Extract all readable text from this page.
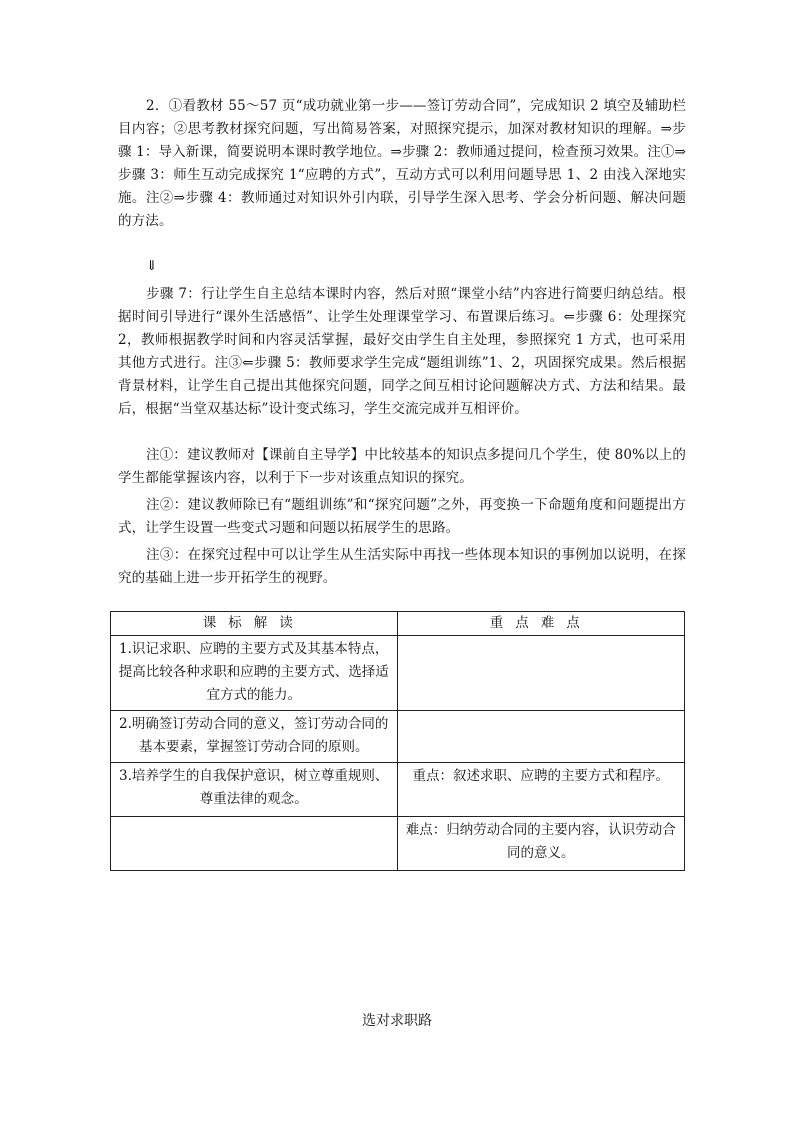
2．①看教材 55～57 页“成功就业第一步——签订劳动合同”，完成知识 2 填空及辅助栏目内容；②思考教材探究问题，写出简易答案，对照探究提示，加深对教材知识的理解。⇒步骤 1：导入新课，简要说明本课时教学地位。⇒步骤 2：教师通过提问，检查预习效果。注①⇒步骤 3：师生互动完成探究 1“应聘的方式”，互动方式可以利用问题导思 1、2 由浅入深地实施。注②⇒步骤 4：教师通过对知识外引内联，引导学生深入思考、学会分析问题、解决问题的方法。

⇓

步骤 7：行让学生自主总结本课时内容，然后对照“课堂小结”内容进行简要归纳总结。根据时间引导进行“课外生活感悟”、让学生处理课堂学习、布置课后练习。⇐步骤 6：处理探究 2，教师根据教学时间和内容灵活掌握，最好交由学生自主处理，参照探究 1 方式，也可采用其他方式进行。注③⇐步骤 5：教师要求学生完成“题组训练”1、2，巩固探究成果。然后根据背景材料，让学生自己提出其他探究问题，同学之间互相讨论问题解决方式、方法和结果。最后，根据“当堂双基达标”设计变式练习，学生交流完成并互相评价。

注①：建议教师对【课前自主导学】中比较基本的知识点多提问几个学生，使 80%以上的学生都能掌握该内容，以利于下一步对该重点知识的探究。

注②：建议教师除已有“题组训练”和“探究问题”之外，再变换一下命题角度和问题提出方式，让学生设置一些变式习题和问题以拓展学生的思路。

注③：在探究过程中可以让学生从生活实际中再找一些体现本知识的事例加以说明，在探究的基础上进一步开拓学生的视野。

课标解读	重点难点
1.识记求职、应聘的主要方式及其基本特点，提高比较各种求职和应聘的主要方式、选择适宜方式的能力。	
2.明确签订劳动合同的意义，签订劳动合同的基本要素，掌握签订劳动合同的原则。	
3.培养学生的自我保护意识，树立尊重规则、尊重法律的观念。	重点：叙述求职、应聘的主要方式和程序。
	难点：归纳劳动合同的主要内容，认识劳动合同的意义。
选对求职路
